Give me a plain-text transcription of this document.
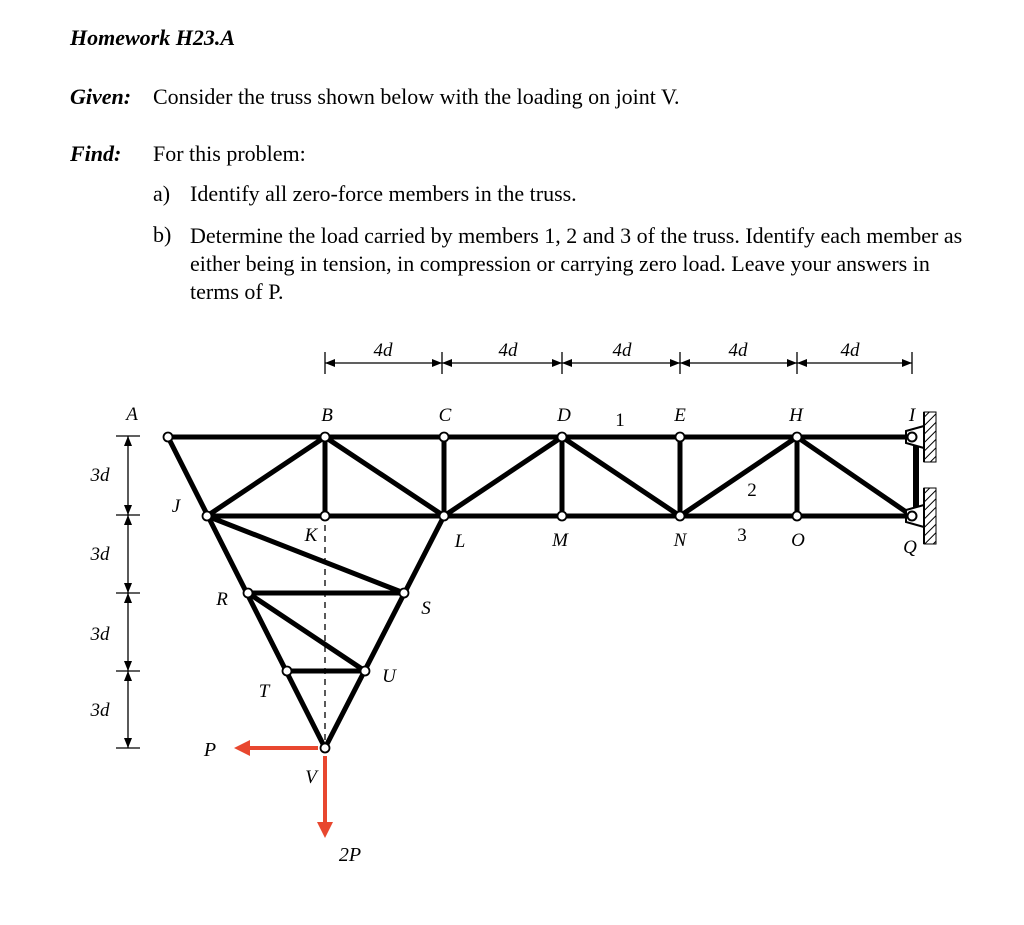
Homework H23.A
Given: Consider the truss shown below with the loading on joint V.
Find: For this problem:
a) Identify all zero-force members in the truss.
b) Determine the load carried by members 1, 2 and 3 of the truss. Identify each member as either being in tension, in compression or carrying zero load. Leave your answers in terms of P.
4d	4d	4d	4d	4d
3d
3d
3d
3d
A	B	C	D	E	H	I
J
K	L	M	N	O	Q
R	S
T
U
V
1
2
3
P
2P
